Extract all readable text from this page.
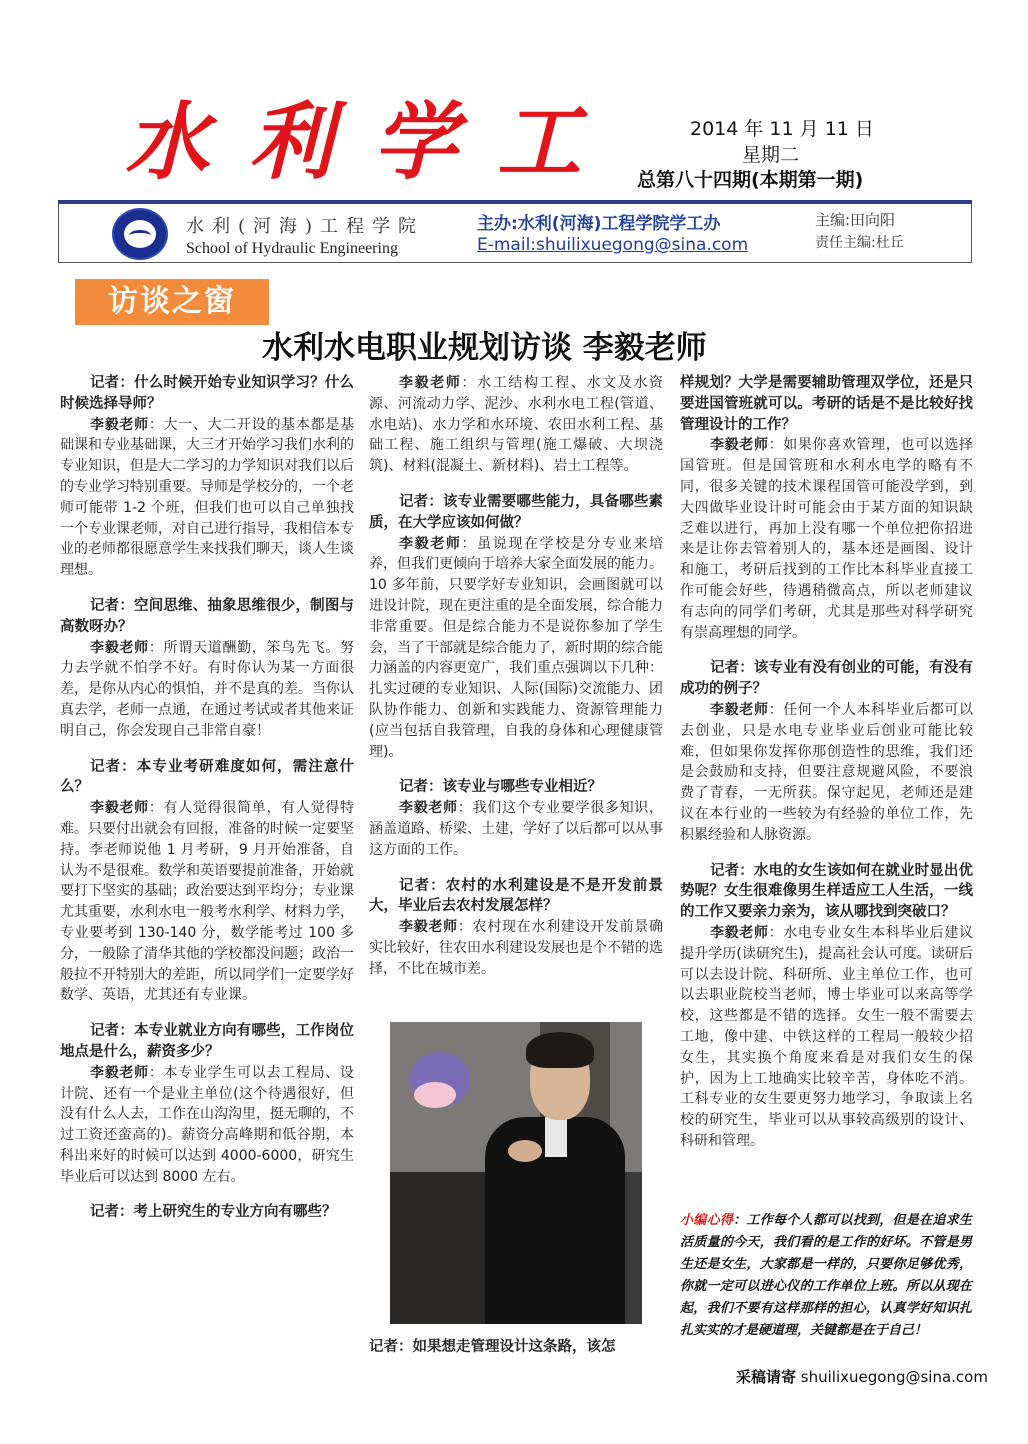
水利学工	2014 年 11 月 11 日
星期二
总第八十四期(本期第一期)
水利(河海)工程学院
School of Hydraulic Engineering
主办:水利(河海)工程学院学工办
E-mail:shuilixuegong@sina.com
主编:田向阳
责任主编:杜丘
访谈之窗
水利水电职业规划访谈 李毅老师

记者：什么时候开始专业知识学习？什么时候选择导师？
李毅老师：大一、大二开设的基本都是基础课和专业基础课，大三才开始学习我们水利的专业知识，但是大二学习的力学知识对我们以后的专业学习特别重要。导师是学校分的，一个老师可能带 1-2 个班，但我们也可以自己单独找一个专业课老师，对自己进行指导，我相信本专业的老师都很愿意学生来找我们聊天，谈人生谈理想。

记者：空间思维、抽象思维很少，制图与高数呀办？
李毅老师：所谓天道酬勤，笨鸟先飞。努力去学就不怕学不好。有时你认为某一方面很差，是你从内心的惧怕，并不是真的差。当你认真去学，老师一点通，在通过考试或者其他来证明自己，你会发现自己非常自豪！

记者：本专业考研难度如何，需注意什么？
李毅老师：有人觉得很简单，有人觉得特难。只要付出就会有回报，准备的时候一定要坚持。李老师说他 1 月考研，9 月开始准备，自认为不是很难。数学和英语要提前准备，开始就要打下坚实的基础；政治要达到平均分；专业课尤其重要，水利水电一般考水利学、材料力学，专业要考到 130-140 分，数学能考过 100 多分，一般除了清华其他的学校都没问题；政治一般拉不开特别大的差距，所以同学们一定要学好数学、英语，尤其还有专业课。

记者：本专业就业方向有哪些，工作岗位地点是什么，薪资多少？
李毅老师：本专业学生可以去工程局、设计院、还有一个是业主单位(这个待遇很好，但没有什么人去，工作在山沟沟里，挺无聊的，不过工资还蛮高的)。薪资分高峰期和低谷期，本科出来好的时候可以达到 4000-6000，研究生毕业后可以达到 8000 左右。

记者：考上研究生的专业方向有哪些？

李毅老师：水工结构工程、水文及水资源、河流动力学、泥沙、水利水电工程(管道、水电站)、水力学和水环境、农田水利工程、基础工程、施工组织与管理(施工爆破、大坝浇筑)、材料(混凝土、新材料)、岩土工程等。

记者：该专业需要哪些能力，具备哪些素质，在大学应该如何做？
李毅老师：虽说现在学校是分专业来培养，但我们更倾向于培养大家全面发展的能力。10 多年前，只要学好专业知识，会画图就可以进设计院，现在更注重的是全面发展，综合能力非常重要。但是综合能力不是说你参加了学生会，当了干部就是综合能力了，新时期的综合能力涵盖的内容更宽广，我们重点强调以下几种：扎实过硬的专业知识、人际(国际)交流能力、团队协作能力、创新和实践能力、资源管理能力(应当包括自我管理，自我的身体和心理健康管理)。

记者：该专业与哪些专业相近？
李毅老师：我们这个专业要学很多知识，涵盖道路、桥梁、土建，学好了以后都可以从事这方面的工作。

记者：农村的水利建设是不是开发前景大，毕业后去农村发展怎样？
李毅老师：农村现在水利建设开发前景确实比较好，往农田水利建设发展也是个不错的选择，不比在城市差。

记者：如果想走管理设计这条路，该怎

样规划？大学是需要辅助管理双学位，还是只要进国管班就可以。考研的话是不是比较好找管理设计的工作？
李毅老师：如果你喜欢管理，也可以选择国管班。但是国管班和水利水电学的略有不同，很多关键的技术课程国管可能没学到，到大四做毕业设计时可能会由于某方面的知识缺乏难以进行，再加上没有哪一个单位把你招进来是让你去管着别人的，基本还是画图、设计和施工，考研后找到的工作比本科毕业直接工作可能会好些，待遇稍微高点，所以老师建议有志向的同学们考研，尤其是那些对科学研究有崇高理想的同学。

记者：该专业有没有创业的可能，有没有成功的例子？
李毅老师：任何一个人本科毕业后都可以去创业，只是水电专业毕业后创业可能比较难，但如果你发挥你那创造性的思维，我们还是会鼓励和支持，但要注意规避风险，不要浪费了青春，一无所获。保守起见，老师还是建议在本行业的一些较为有经验的单位工作，先积累经验和人脉资源。

记者：水电的女生该如何在就业时显出优势呢？女生很难像男生样适应工人生活，一线的工作又要亲力亲为，该从哪找到突破口？
李毅老师：水电专业女生本科毕业后建议提升学历(读研究生)，提高社会认可度。读研后可以去设计院、科研所、业主单位工作，也可以去职业院校当老师，博士毕业可以来高等学校，这些都是不错的选择。女生一般不需要去工地，像中建、中铁这样的工程局一般较少招女生，其实换个角度来看是对我们女生的保护，因为上工地确实比较辛苦，身体吃不消。工科专业的女生要更努力地学习，争取读上名校的研究生，毕业可以从事较高级别的设计、科研和管理。

小编心得：工作每个人都可以找到，但是在追求生活质量的今天，我们看的是工作的好坏。不管是男生还是女生，大家都是一样的，只要你足够优秀，你就一定可以进心仪的工作单位上班。所以从现在起，我们不要有这样那样的担心，认真学好知识扎扎实实的才是硬道理，关键都是在于自己！
采稿请寄 shuilixuegong@sina.com
